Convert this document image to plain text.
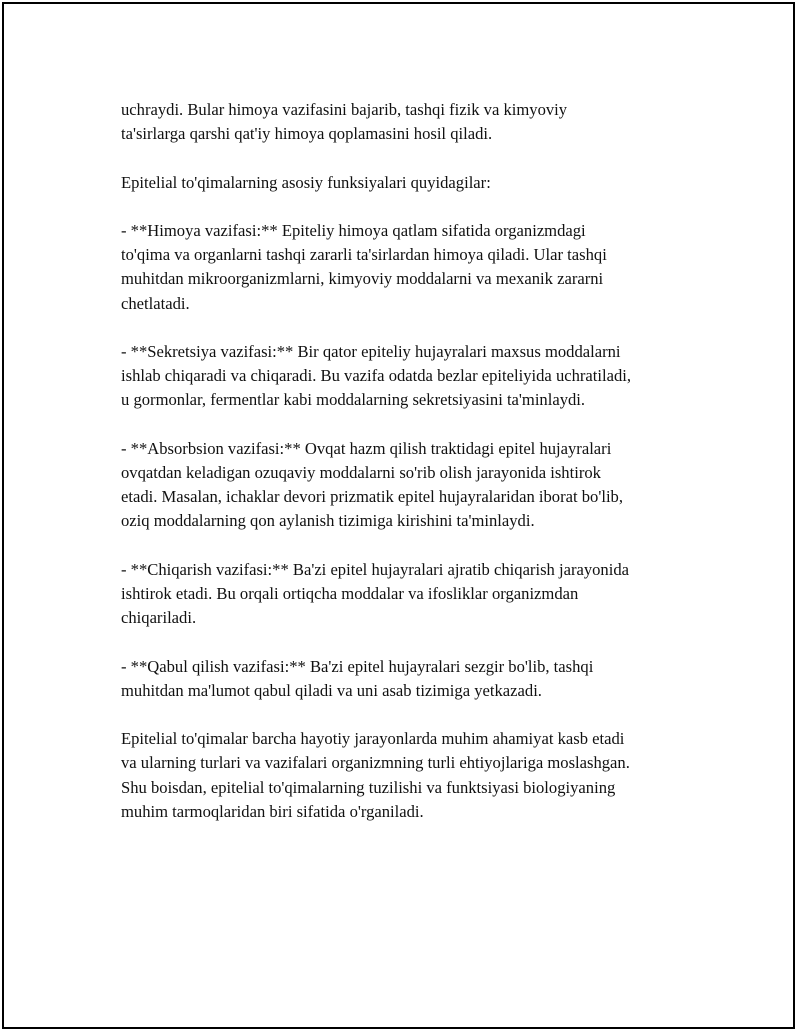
uchraydi. Bular himoya vazifasini bajarib, tashqi fizik va kimyoviy
ta'sirlarga qarshi qat'iy himoya qoplamasini hosil qiladi.

Epitelial to'qimalarning asosiy funksiyalari quyidagilar:

- **Himoya vazifasi:** Epiteliy himoya qatlam sifatida organizmdagi
to'qima va organlarni tashqi zararli ta'sirlardan himoya qiladi. Ular tashqi
muhitdan mikroorganizmlarni, kimyoviy moddalarni va mexanik zararni
chetlatadi.

- **Sekretsiya vazifasi:** Bir qator epiteliy hujayralari maxsus moddalarni
ishlab chiqaradi va chiqaradi. Bu vazifa odatda bezlar epiteliyida uchratiladi,
u gormonlar, fermentlar kabi moddalarning sekretsiyasini ta'minlaydi.

- **Absorbsion vazifasi:** Ovqat hazm qilish traktidagi epitel hujayralari
ovqatdan keladigan ozuqaviy moddalarni so'rib olish jarayonida ishtirok
etadi. Masalan, ichaklar devori prizmatik epitel hujayralaridan iborat bo'lib,
oziq moddalarning qon aylanish tizimiga kirishini ta'minlaydi.

- **Chiqarish vazifasi:** Ba'zi epitel hujayralari ajratib chiqarish jarayonida
ishtirok etadi. Bu orqali ortiqcha moddalar va ifosliklar organizmdan
chiqariladi.

- **Qabul qilish vazifasi:** Ba'zi epitel hujayralari sezgir bo'lib, tashqi
muhitdan ma'lumot qabul qiladi va uni asab tizimiga yetkazadi.

Epitelial to'qimalar barcha hayotiy jarayonlarda muhim ahamiyat kasb etadi
va ularning turlari va vazifalari organizmning turli ehtiyojlariga moslashgan.
Shu boisdan, epitelial to'qimalarning tuzilishi va funktsiyasi biologiyaning
muhim tarmoqlaridan biri sifatida o'rganiladi.
